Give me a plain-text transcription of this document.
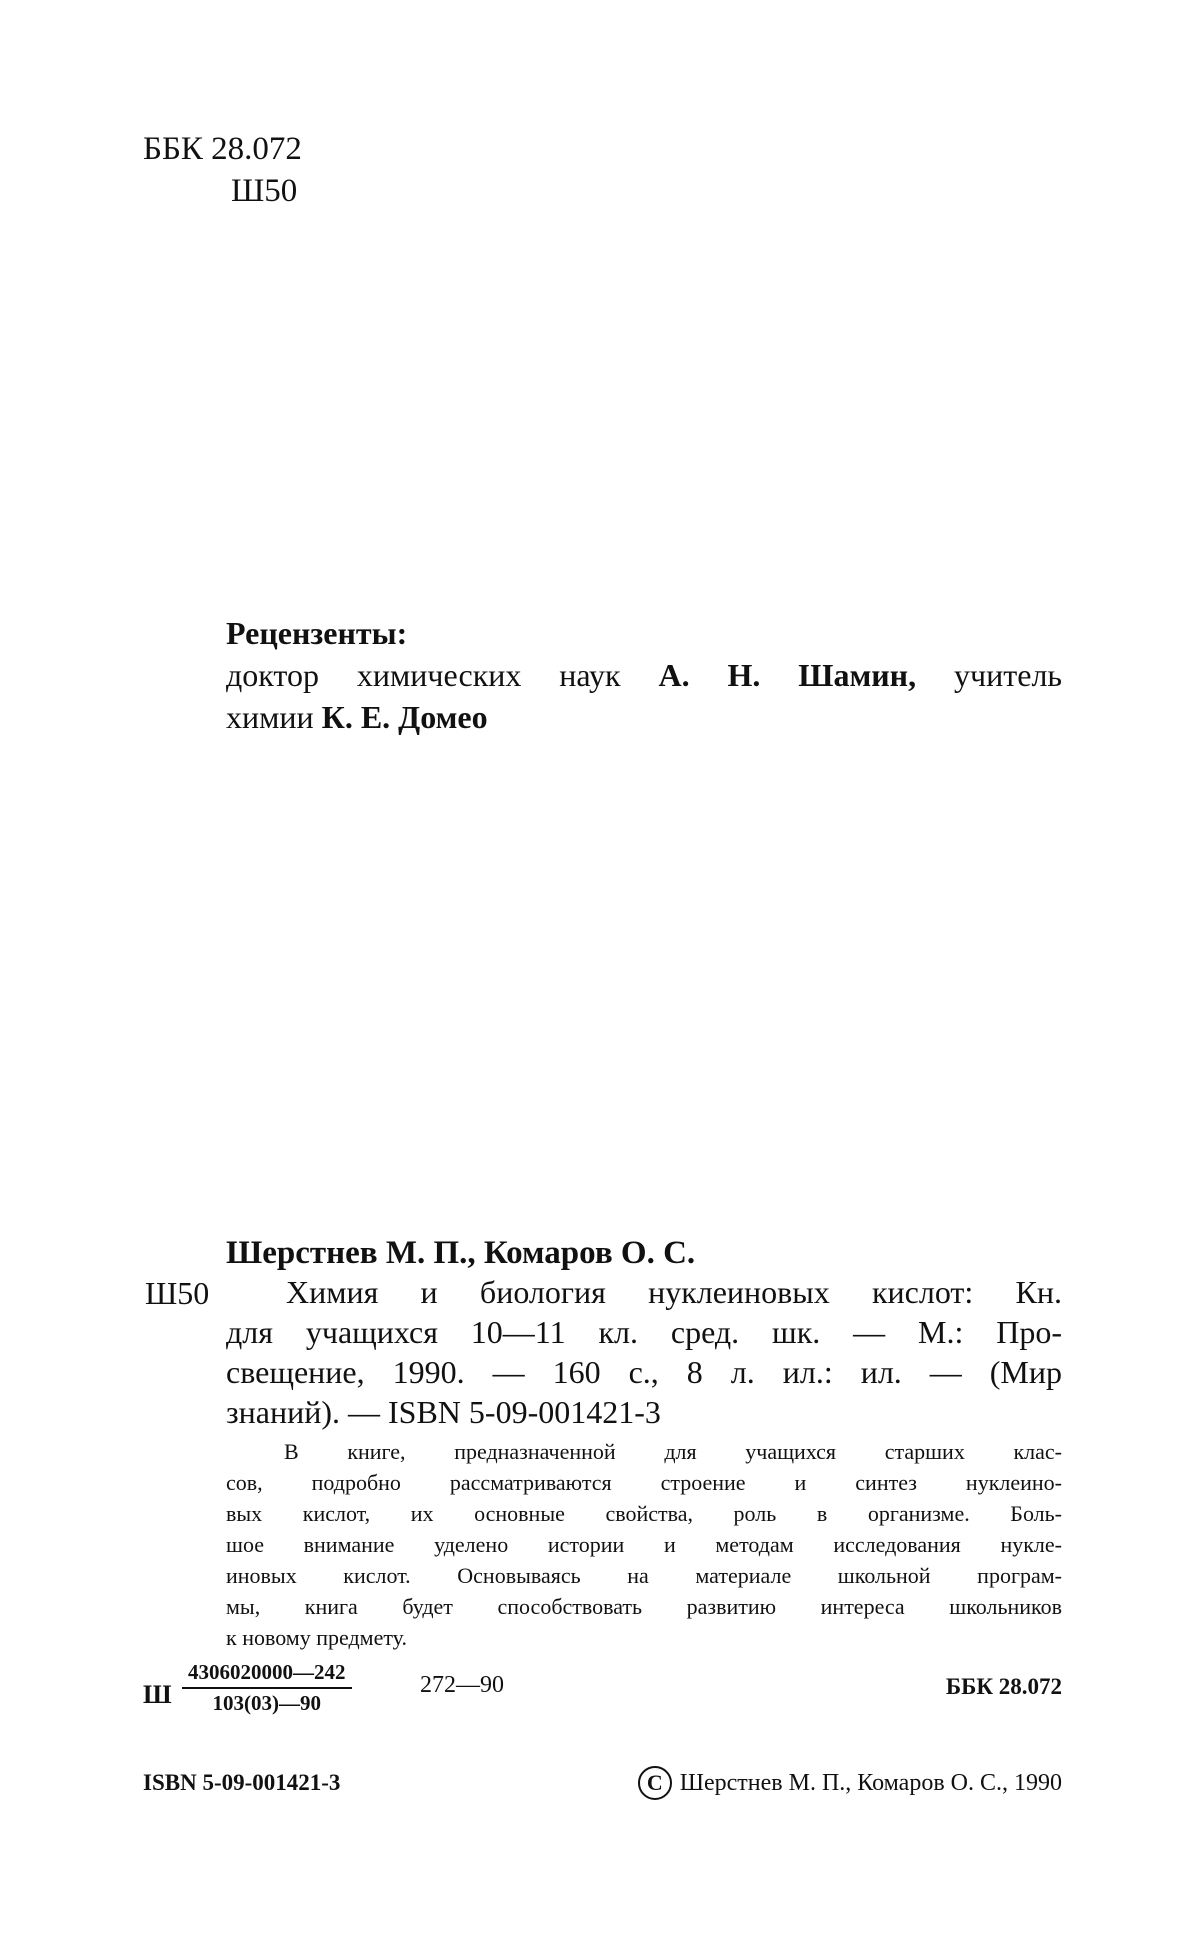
ББК 28.072
Ш50
Рецензенты:
доктор химических наук А. Н. Шамин, учитель
химии К. Е. Домео
Шерстнев М. П., Комаров О. С.
Ш50	Химия и биология нуклеиновых кислот: Кн.
для учащихся 10—11 кл. сред. шк. — М.: Про-
свещение, 1990. — 160 с., 8 л. ил.: ил. — (Мир
знаний). — ISBN 5-09-001421-3
В книге, предназначенной для учащихся старших клас-
сов, подробно рассматриваются строение и синтез нуклеино-
вых кислот, их основные свойства, роль в организме. Боль-
шое внимание уделено истории и методам исследования нукле-
иновых кислот. Основываясь на материале школьной програм-
мы, книга будет способствовать развитию интереса школьников
к новому предмету.
Ш $\frac{4306020000—242}{103(03)—90}$	272—90	ББК 28.072
ISBN 5-09-001421-3	C Шерстнев М. П., Комаров О. С., 1990
